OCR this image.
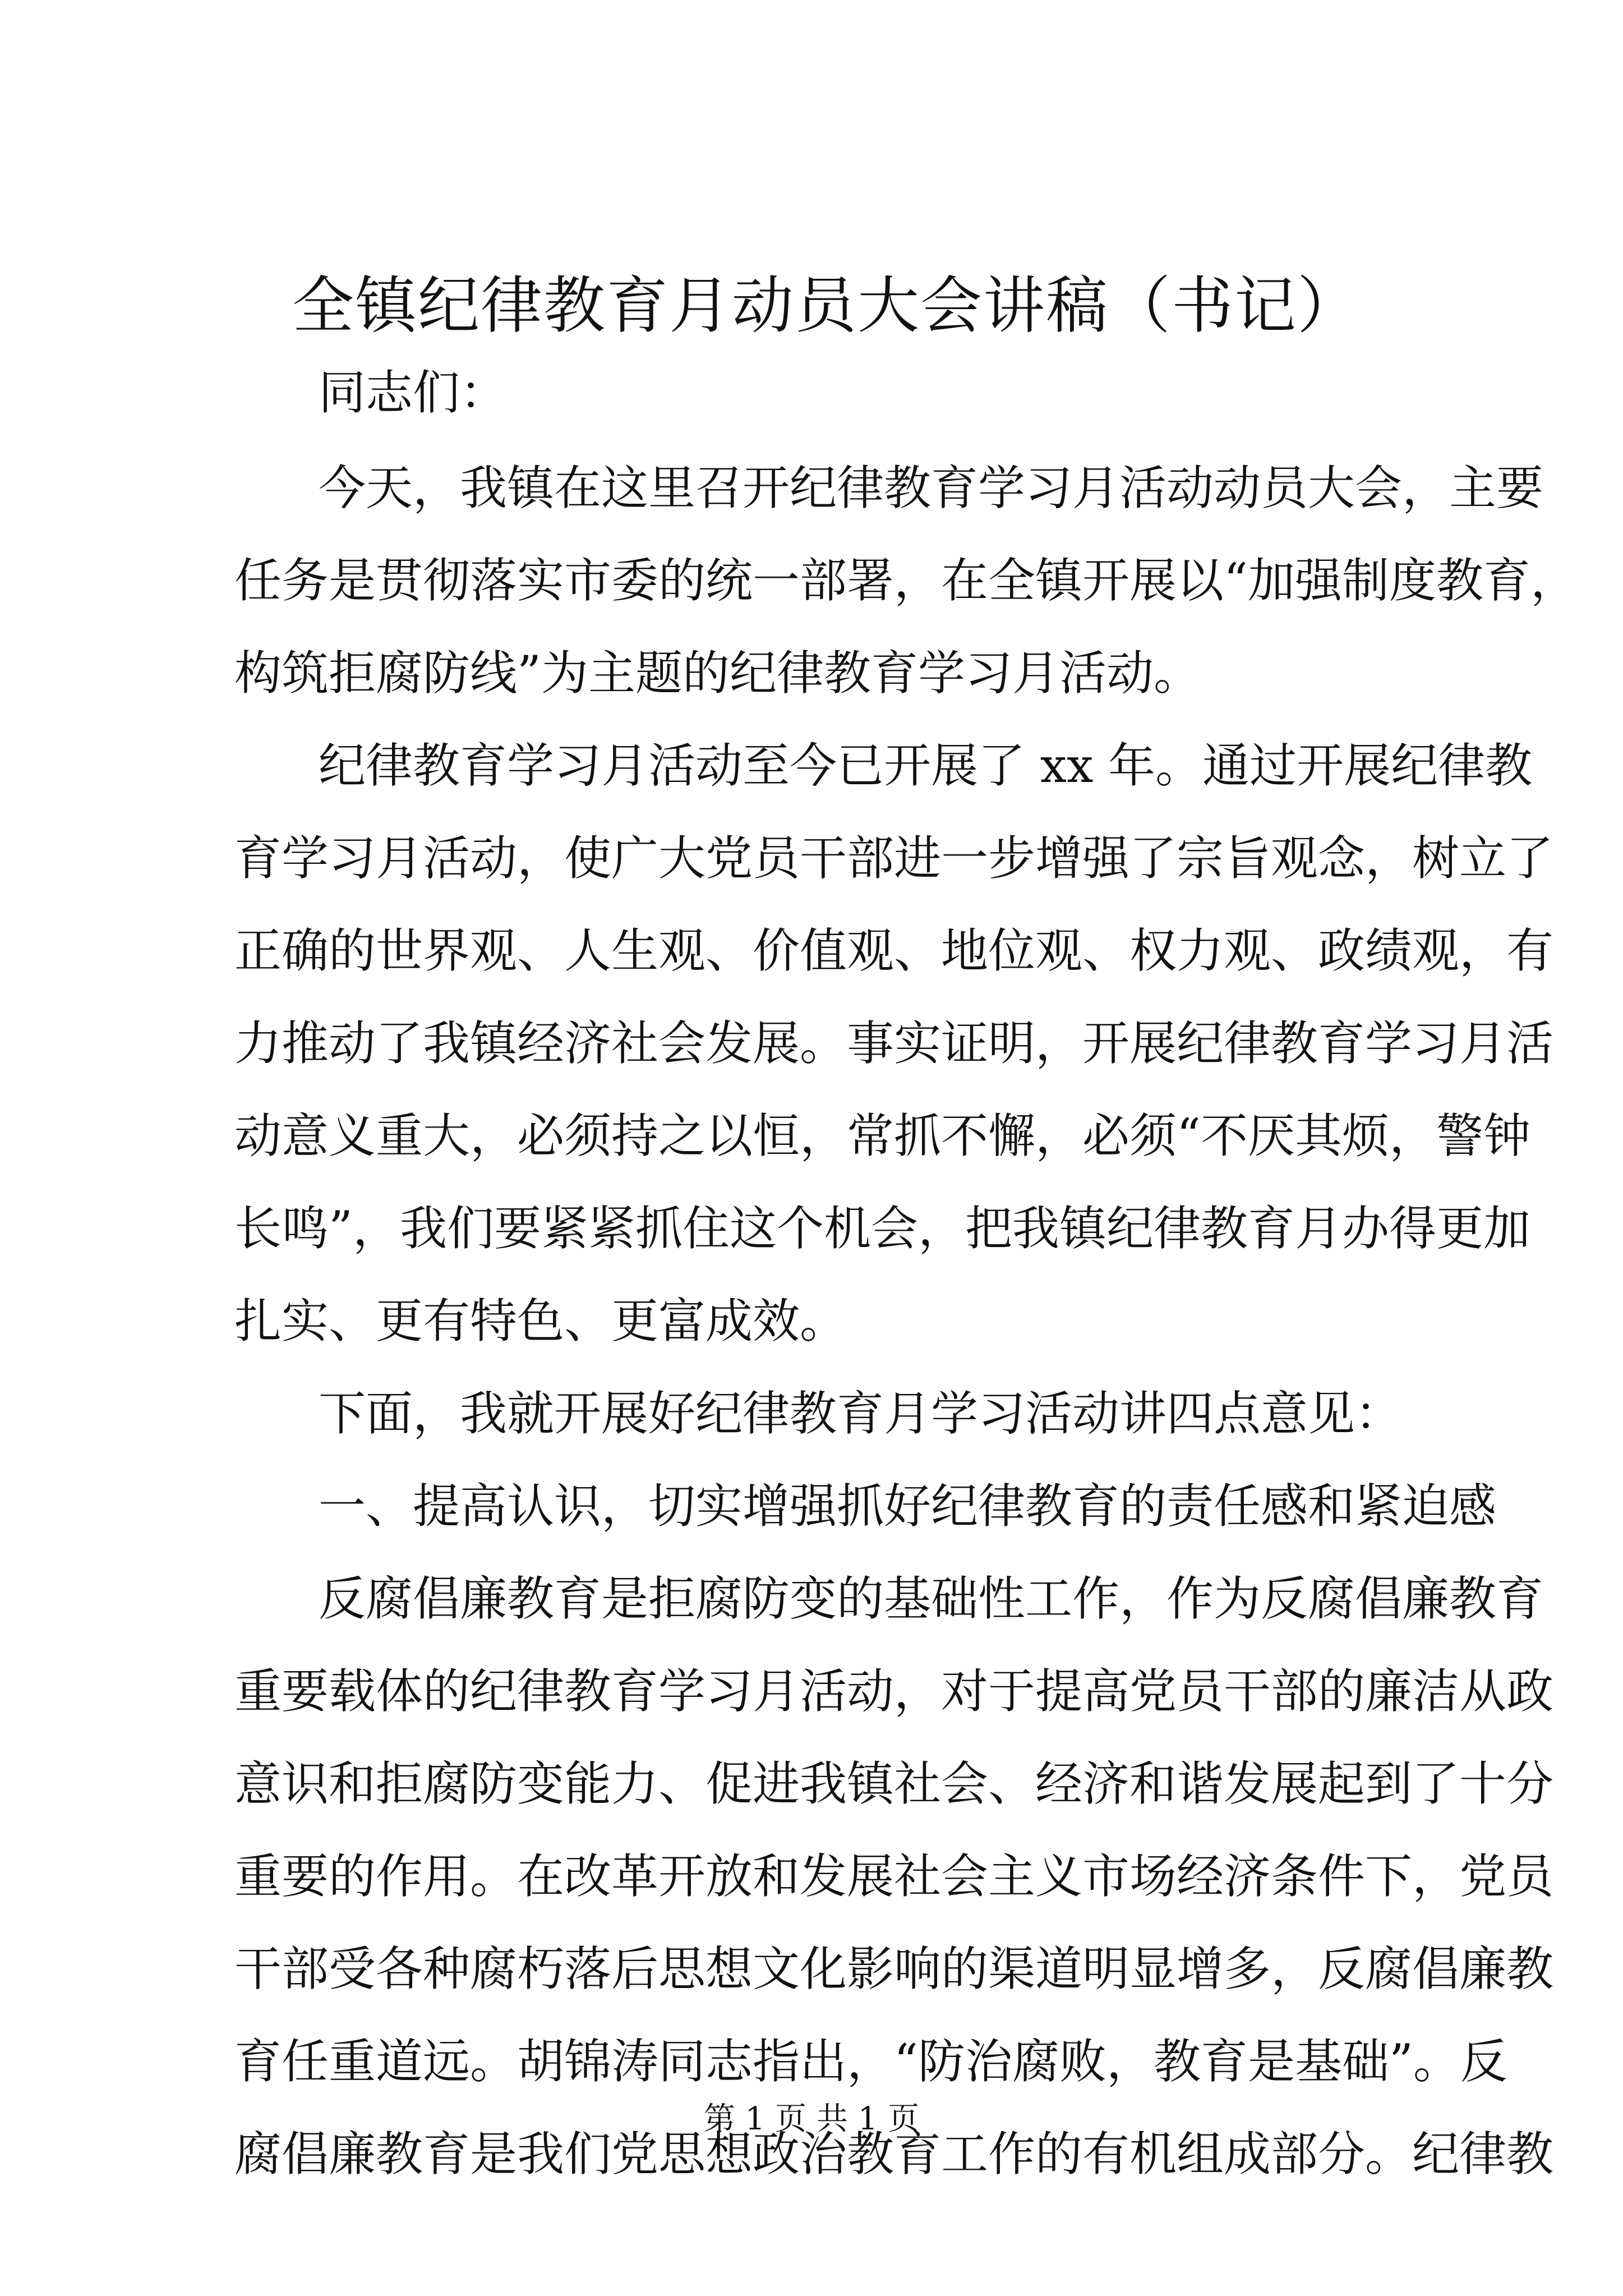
全镇纪律教育月动员大会讲稿（书记）
同志们：
今天，我镇在这里召开纪律教育学习月活动动员大会，主要
任务是贯彻落实市委的统一部署，在全镇开展以“加强制度教育，
构筑拒腐防线”为主题的纪律教育学习月活动。
纪律教育学习月活动至今已开展了 xx 年。通过开展纪律教
育学习月活动，使广大党员干部进一步增强了宗旨观念，树立了
正确的世界观、人生观、价值观、地位观、权力观、政绩观，有
力推动了我镇经济社会发展。事实证明，开展纪律教育学习月活
动意义重大，必须持之以恒，常抓不懈，必须“不厌其烦，警钟
长鸣”，我们要紧紧抓住这个机会，把我镇纪律教育月办得更加
扎实、更有特色、更富成效。
下面，我就开展好纪律教育月学习活动讲四点意见：
一、提高认识，切实增强抓好纪律教育的责任感和紧迫感
反腐倡廉教育是拒腐防变的基础性工作，作为反腐倡廉教育
重要载体的纪律教育学习月活动，对于提高党员干部的廉洁从政
意识和拒腐防变能力、促进我镇社会、经济和谐发展起到了十分
重要的作用。在改革开放和发展社会主义市场经济条件下，党员
干部受各种腐朽落后思想文化影响的渠道明显增多，反腐倡廉教
育任重道远。胡锦涛同志指出，“防治腐败，教育是基础”。反
腐倡廉教育是我们党思想政治教育工作的有机组成部分。纪律教
第 1 页 共 1 页
